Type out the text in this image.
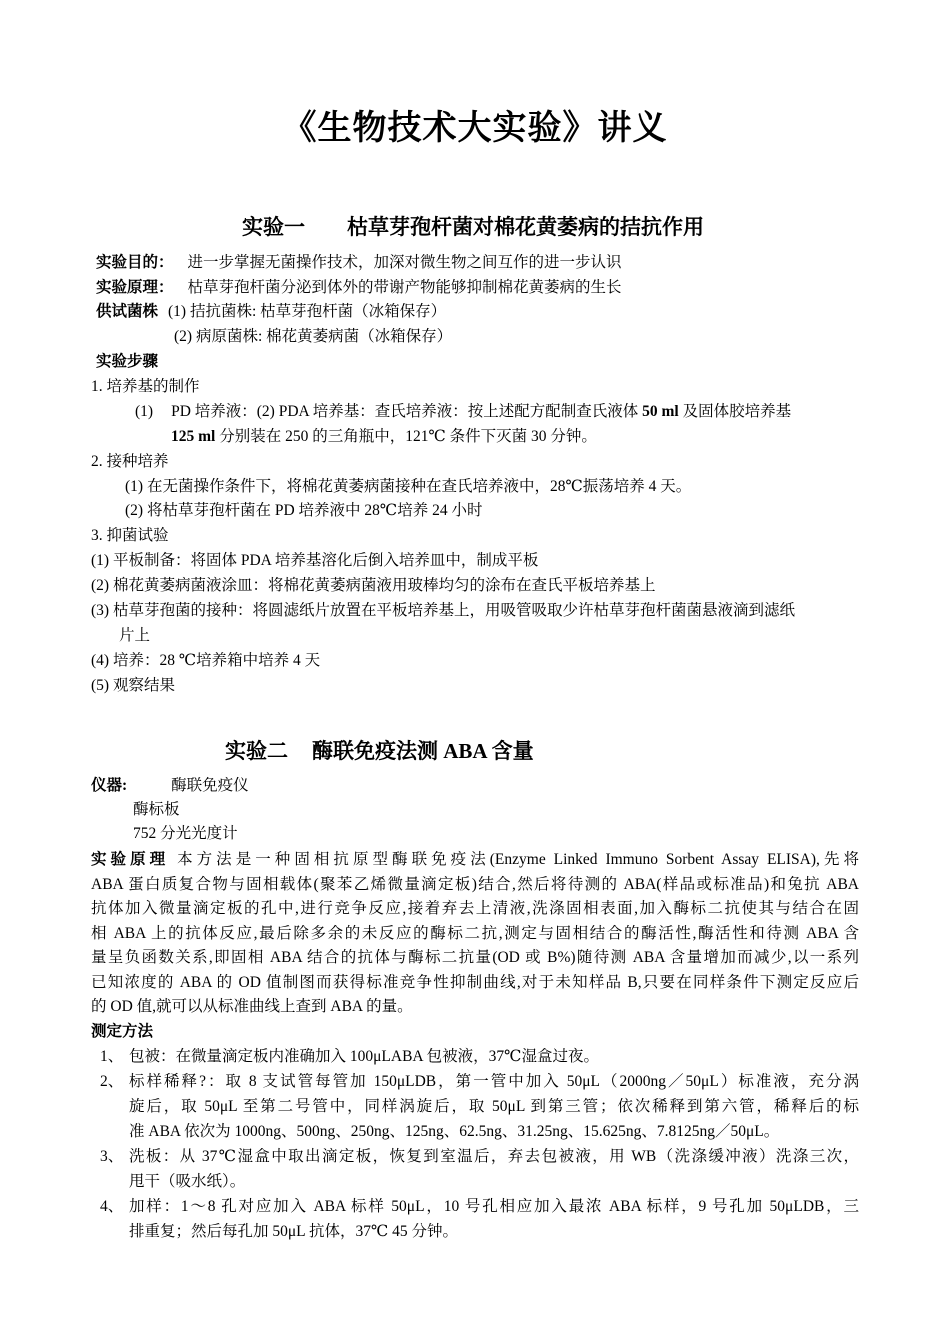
《生物技术大实验》讲义
实验一 枯草芽孢杆菌对棉花黄萎病的拮抗作用
实验目的： 进一步掌握无菌操作技术，加深对微生物之间互作的进一步认识
实验原理： 枯草芽孢杆菌分泌到体外的带谢产物能够抑制棉花黄萎病的生长
供试菌株 (1) 拮抗菌株: 枯草芽孢杆菌（冰箱保存）
(2) 病原菌株: 棉花黄萎病菌（冰箱保存）
实验步骤
1. 培养基的制作
(1) PD 培养液：(2) PDA 培养基：查氏培养液：按上述配方配制查氏液体 50 ml 及固体胶培养基
125 ml 分别装在 250 的三角瓶中，121℃ 条件下灭菌 30 分钟。
2. 接种培养
(1) 在无菌操作条件下，将棉花黄萎病菌接种在查氏培养液中，28℃振荡培养 4 天。
(2) 将枯草芽孢杆菌在 PD 培养液中 28℃培养 24 小时
3. 抑菌试验
(1) 平板制备：将固体 PDA 培养基溶化后倒入培养皿中，制成平板
(2) 棉花黄萎病菌液涂皿：将棉花黄萎病菌液用玻棒均匀的涂布在查氏平板培养基上
(3) 枯草芽孢菌的接种：将圆滤纸片放置在平板培养基上，用吸管吸取少许枯草芽孢杆菌菌悬液滴到滤纸
片上
(4) 培养：28 ℃培养箱中培养 4 天
(5) 观察结果
实验二 酶联免疫法测 ABA 含量
仪器:	酶联免疫仪
酶标板
752 分光光度计
实验原理 本方法是一种固相抗原型酶联免疫法(Enzyme Linked Immuno Sorbent Assay ELISA),先将
ABA 蛋白质复合物与固相载体(聚苯乙烯微量滴定板)结合,然后将待测的 ABA(样品或标准品)和兔抗 ABA
抗体加入微量滴定板的孔中,进行竞争反应,接着弃去上清液,洗涤固相表面,加入酶标二抗使其与结合在固
相 ABA 上的抗体反应,最后除多余的未反应的酶标二抗,测定与固相结合的酶活性,酶活性和待测 ABA 含
量呈负函数关系,即固相 ABA 结合的抗体与酶标二抗量(OD 或 B%)随待测 ABA 含量增加而减少,以一系列
已知浓度的 ABA 的 OD 值制图而获得标准竞争性抑制曲线,对于未知样品 B,只要在同样条件下测定反应后
的 OD 值,就可以从标准曲线上查到 ABA 的量。
测定方法
1、 包被：在微量滴定板内准确加入 100μLABA 包被液，37℃湿盒过夜。
2、 标样稀释?：取 8 支试管每管加 150μLDB，第一管中加入 50μL（2000ng／50μL）标准液，充分涡
旋后，取 50μL 至第二号管中，同样涡旋后，取 50μL 到第三管；依次稀释到第六管，稀释后的标
准 ABA 依次为 1000ng、500ng、250ng、125ng、62.5ng、31.25ng、15.625ng、7.8125ng／50μL。
3、 洗板：从 37℃湿盒中取出滴定板，恢复到室温后，弃去包被液，用 WB（洗涤缓冲液）洗涤三次，
甩干（吸水纸）。
4、 加样：1～8 孔对应加入 ABA 标样 50μL，10 号孔相应加入最浓 ABA 标样，9 号孔加 50μLDB，三
排重复；然后每孔加 50μL 抗体，37℃ 45 分钟。
